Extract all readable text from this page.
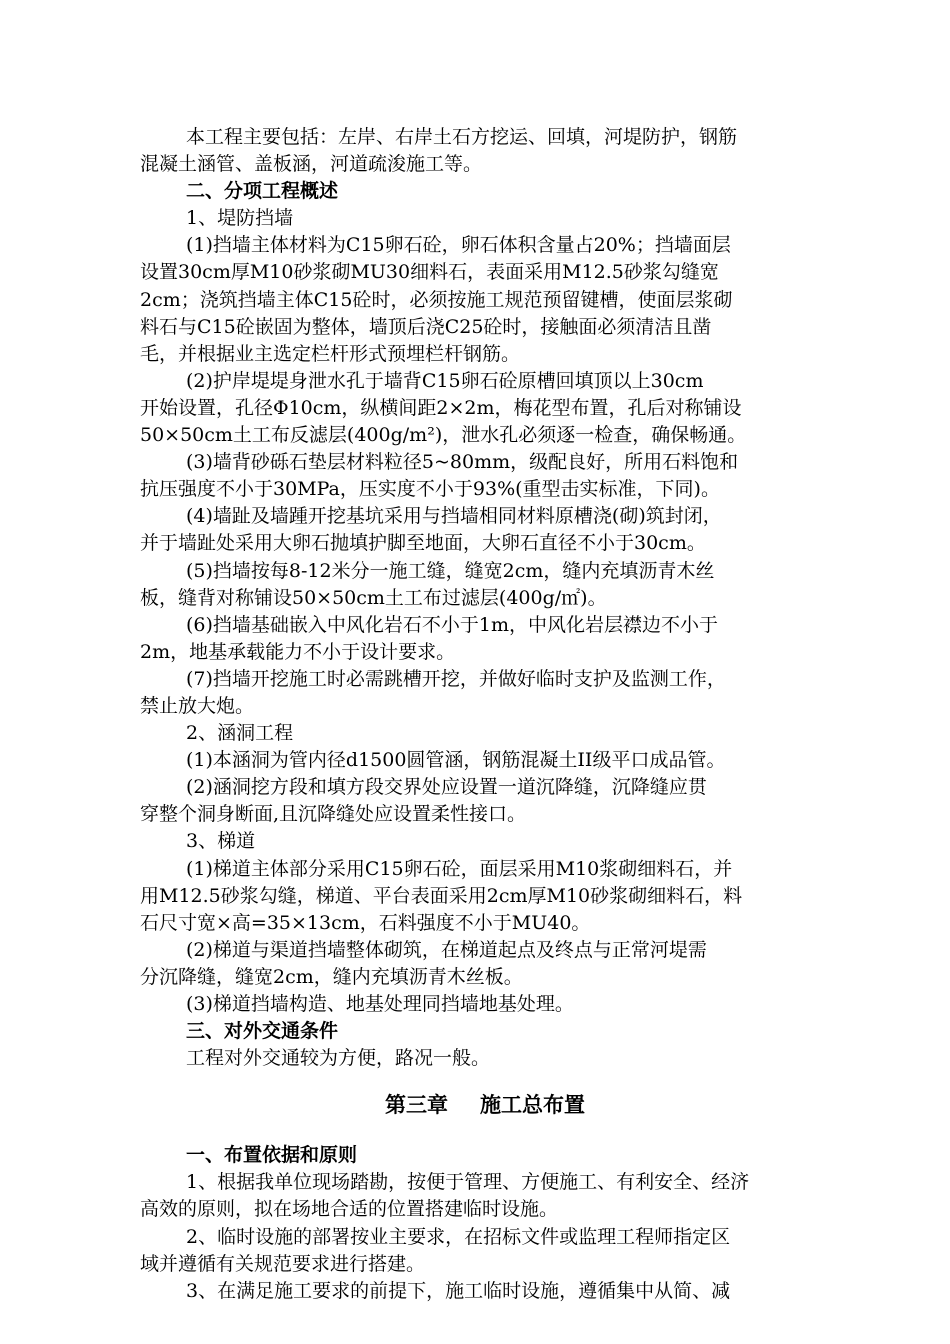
本工程主要包括：左岸、右岸土石方挖运、回填，河堤防护，钢筋
混凝土涵管、盖板涵，河道疏浚施工等。
二、分项工程概述
1、堤防挡墙
(1)挡墙主体材料为C15卵石砼，卵石体积含量占20%；挡墙面层
设置30cm厚M10砂浆砌MU30细料石，表面采用M12.5砂浆勾缝宽
2cm；浇筑挡墙主体C15砼时，必须按施工规范预留键槽，使面层浆砌
料石与C15砼嵌固为整体，墙顶后浇C25砼时，接触面必须清洁且凿
毛，并根据业主选定栏杆形式预埋栏杆钢筋。
(2)护岸堤堤身泄水孔于墙背C15卵石砼原槽回填顶以上30cm
开始设置，孔径Φ10cm，纵横间距2×2m，梅花型布置，孔后对称铺设
50×50cm土工布反滤层(400g/m²)，泄水孔必须逐一检查，确保畅通。
(3)墙背砂砾石垫层材料粒径5~80mm，级配良好，所用石料饱和
抗压强度不小于30MPa，压实度不小于93%(重型击实标准，下同)。
(4)墙趾及墙踵开挖基坑采用与挡墙相同材料原槽浇(砌)筑封闭，
并于墙趾处采用大卵石抛填护脚至地面，大卵石直径不小于30cm。
(5)挡墙按每8-12米分一施工缝，缝宽2cm，缝内充填沥青木丝
板，缝背对称铺设50×50cm土工布过滤层(400g/㎡)。
(6)挡墙基础嵌入中风化岩石不小于1m，中风化岩层襟边不小于
2m，地基承载能力不小于设计要求。
(7)挡墙开挖施工时必需跳槽开挖，并做好临时支护及监测工作，
禁止放大炮。
2、涵洞工程
(1)本涵洞为管内径d1500圆管涵，钢筋混凝土II级平口成品管。
(2)涵洞挖方段和填方段交界处应设置一道沉降缝，沉降缝应贯
穿整个洞身断面,且沉降缝处应设置柔性接口。
3、梯道
(1)梯道主体部分采用C15卵石砼，面层采用M10浆砌细料石，并
用M12.5砂浆勾缝，梯道、平台表面采用2cm厚M10砂浆砌细料石，料
石尺寸宽×高=35×13cm，石料强度不小于MU40。
(2)梯道与渠道挡墙整体砌筑，在梯道起点及终点与正常河堤需
分沉降缝，缝宽2cm，缝内充填沥青木丝板。
(3)梯道挡墙构造、地基处理同挡墙地基处理。
三、对外交通条件
工程对外交通较为方便，路况一般。
第三章 施工总布置
一、布置依据和原则
1、根据我单位现场踏勘，按便于管理、方便施工、有利安全、经济
高效的原则，拟在场地合适的位置搭建临时设施。
2、临时设施的部署按业主要求，在招标文件或监理工程师指定区
域并遵循有关规范要求进行搭建。
3、在满足施工要求的前提下，施工临时设施，遵循集中从简、减
